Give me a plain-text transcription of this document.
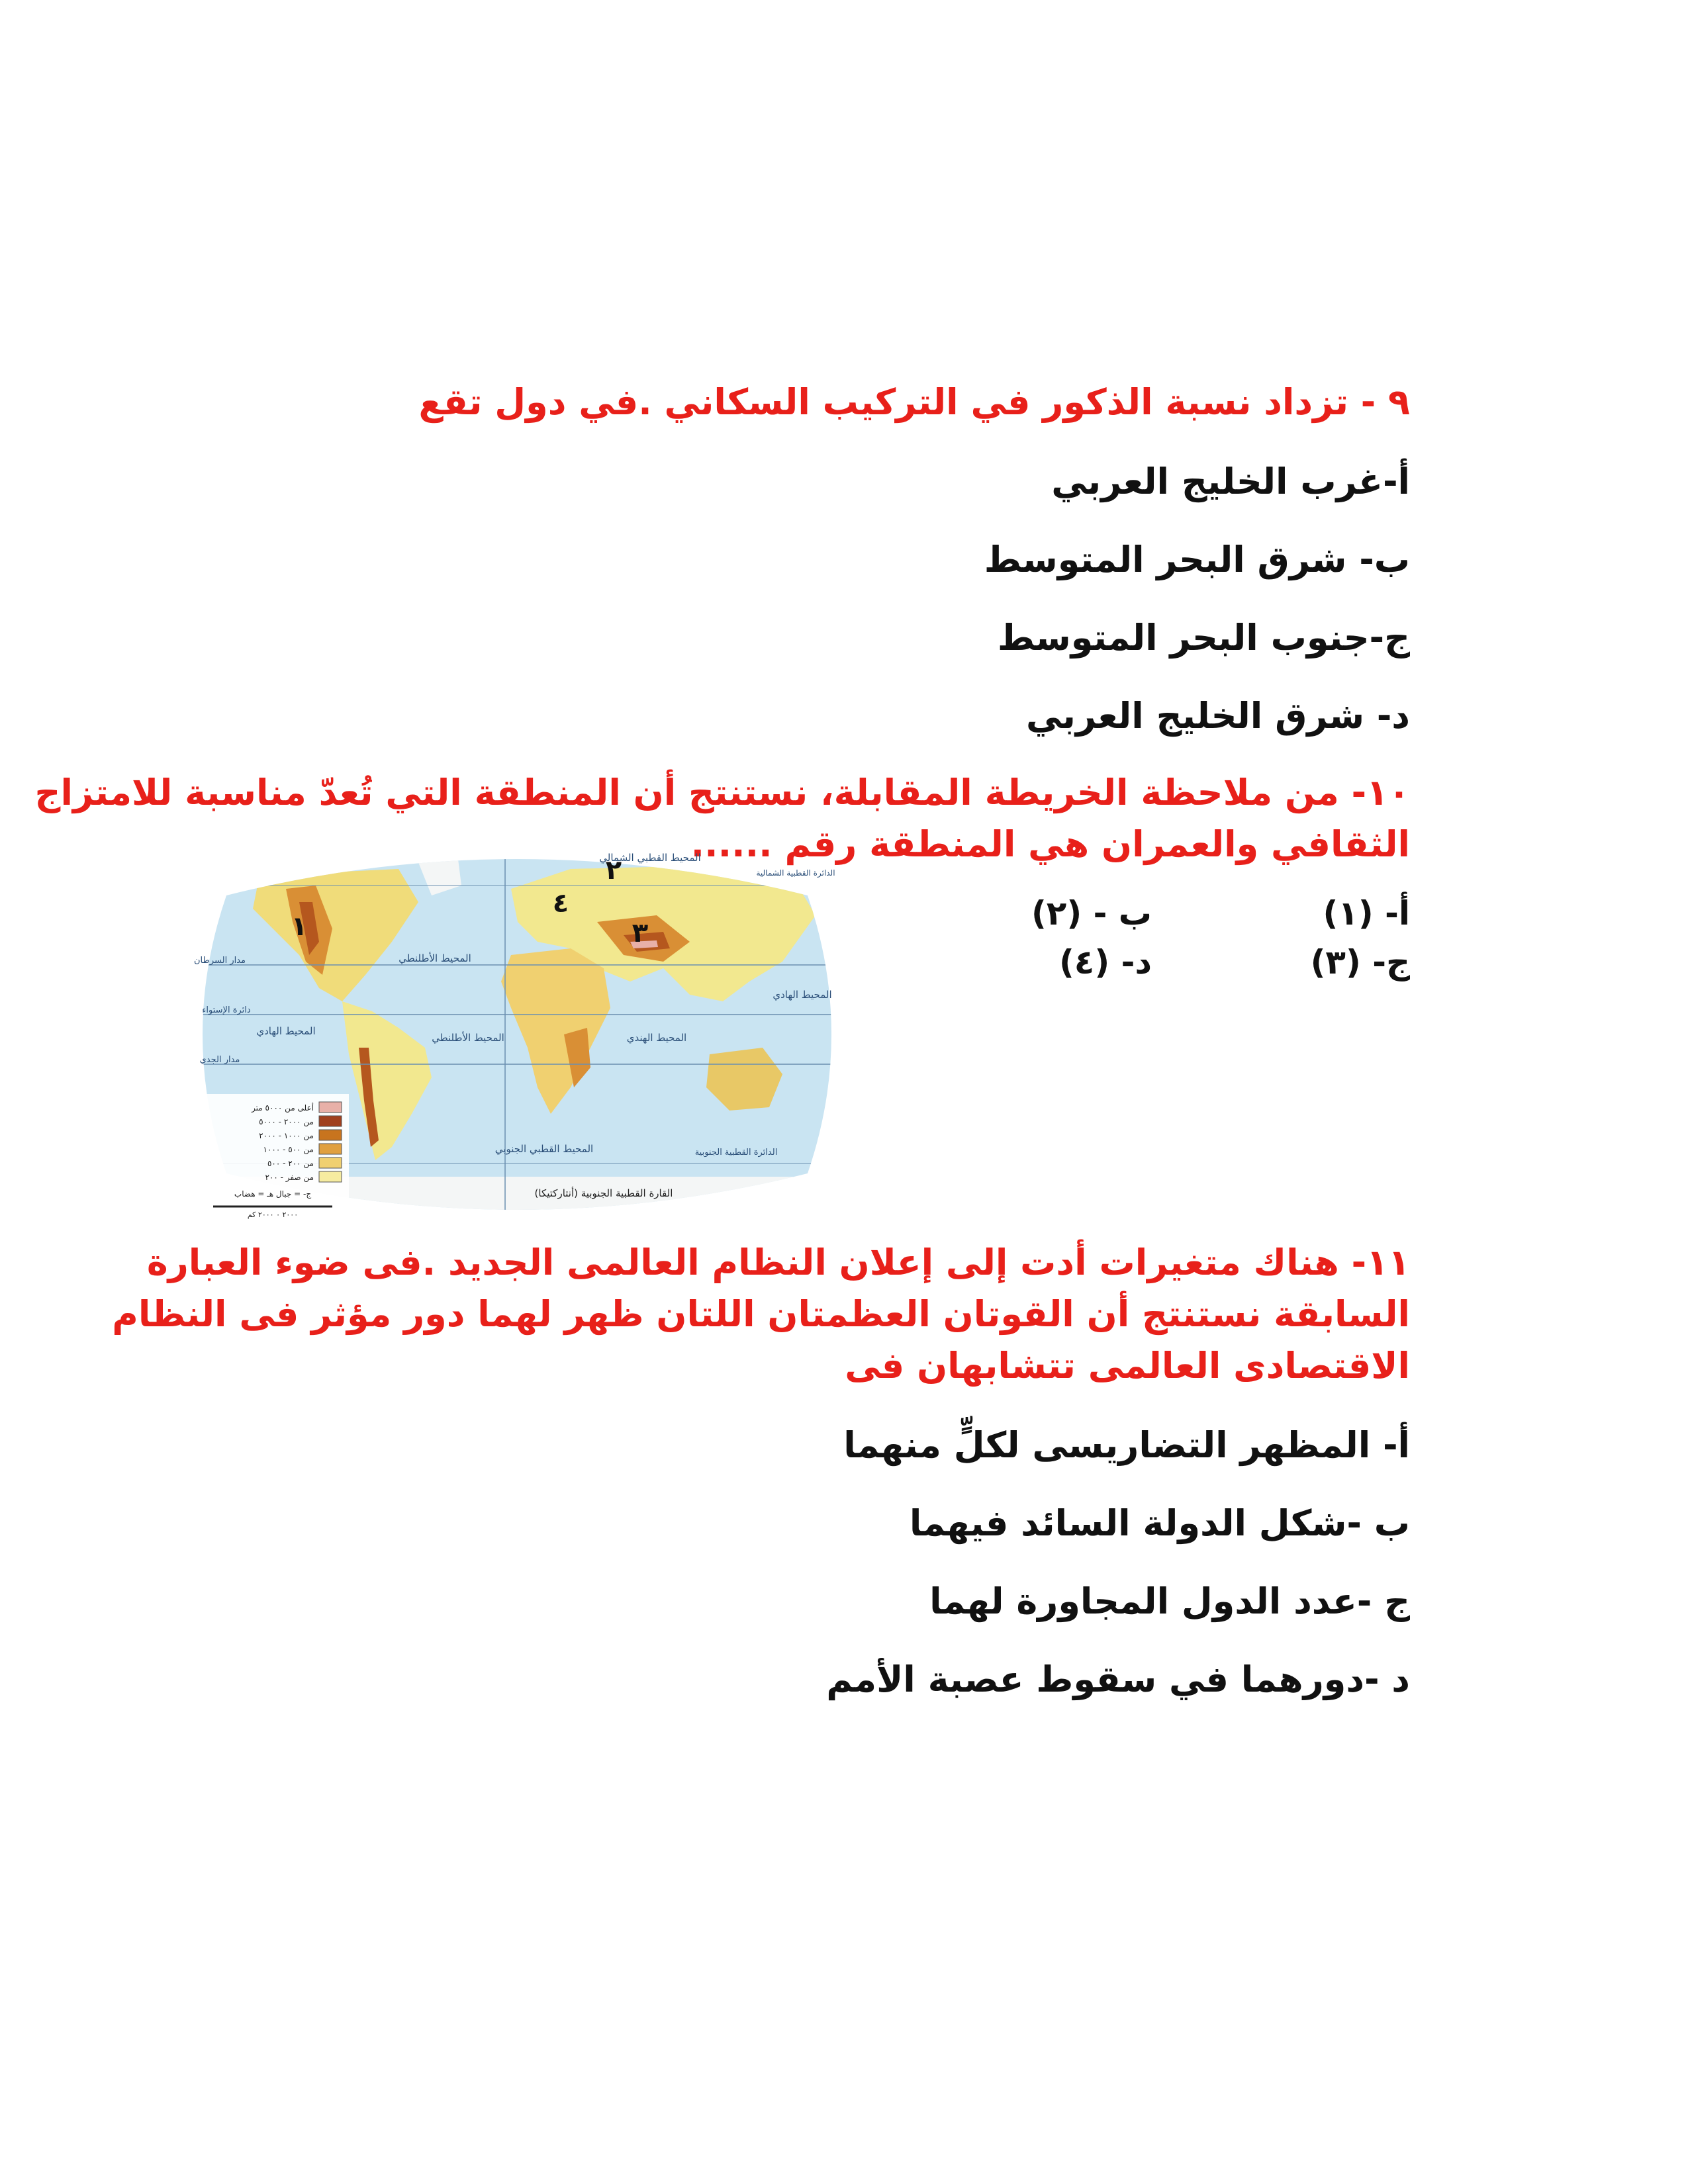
٩ - تزداد نسبة الذكور في التركيب السكاني .في دول تقع

أ-غرب الخليج العربي

ب- شرق البحر المتوسط

ج-جنوب البحر المتوسط

د- شرق الخليج العربي

١٠- من ملاحظة الخريطة المقابلة، نستنتج أن المنطقة التي تُعدّ مناسبة للامتزاج

الثقافي والعمران هي المنطقة رقم ......

أ- (١)
ب - (٢)
ج- (٣)
د- (٤)
المحيط القطبي الشمالي
مدار السرطان
دائرة الإستواء
مدار الجدي
المحيط الأطلنطي
المحيط الأطلنطي
المحيط الهادي
المحيط الهادي
المحيط الهندي
المحيط القطبي الجنوبي	الدائرة القطبية الجنوبية
الدائرة القطبية الشمالية
القارة القطبية الجنوبية (أنتاركتيكا)
١
٢
٣
٤
أعلى من ٥٠٠٠ متر
من ٢٠٠٠ - ٥٠٠٠
من ١٠٠٠ - ٢٠٠٠
من ٥٠٠ - ١٠٠٠
من ٢٠٠ - ٥٠٠
من صفر - ٢٠٠
ج- = جبال هـ = هضاب
٢٠٠٠ ٠ ٢٠٠٠ كم

١١- هناك متغيرات أدت إلى إعلان النظام العالمى الجديد .فى ضوء العبارة

السابقة نستنتج أن القوتان العظمتان اللتان ظهر لهما دور مؤثر فى النظام

الاقتصادى العالمى تتشابهان فى

أ- المظهر التضاريسى لكلٍّ منهما

ب -شكل الدولة السائد فيهما

ج -عدد الدول المجاورة لهما

د -دورهما في سقوط عصبة الأمم
